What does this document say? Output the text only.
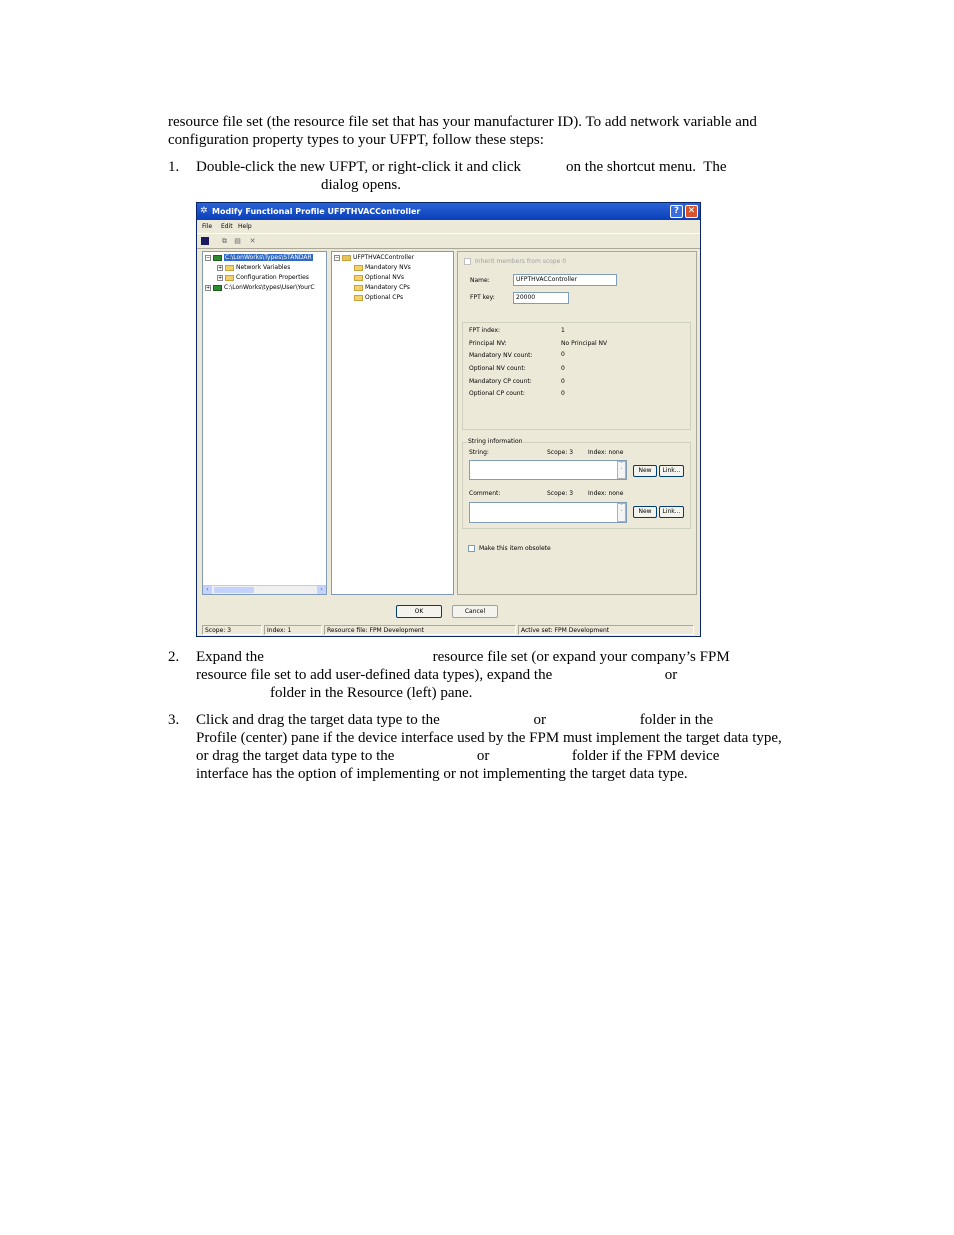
resource file set (the resource file set that has your manufacturer ID). To add network variable and
configuration property types to your UFPT, follow these steps:
1. Double-click the new UFPT, or right-click it and click            on the shortcut menu.  The
dialog opens.
✲ Modify Functional Profile UFPTHVACController	? ✕
File Edit Help
⧉ ▤ ✕
− C:\LonWorks\Types\STANDAR
+ Network Variables
+ Configuration Properties
+ C:\LonWorks\types\User\YourC
‹	›
− UFPTHVACController
Mandatory NVs
Optional NVs
Mandatory CPs
Optional CPs
Inherit members from scope 0
Name:	UFPTHVACController
FPT key:	20000
FPT index:	1
Principal NV:	No Principal NV
Mandatory NV count:	0
Optional NV count:	0
Mandatory CP count:	0
Optional CP count:	0
String information
String:	Scope: 3 Index: none
˄
˅	New	Link...
Comment:	Scope: 3 Index: none
˄
˅	New	Link...
Make this item obsolete
OK	Cancel
Scope: 3	Index: 1	Resource file: FPM Development	Active set: FPM Development
2. Expand the                                             resource file set (or expand your company’s FPM
resource file set to add user-defined data types), expand the                              or
folder in the Resource (left) pane.
3. Click and drag the target data type to the                         or                         folder in the
Profile (center) pane if the device interface used by the FPM must implement the target data type,
or drag the target data type to the                      or                      folder if the FPM device
interface has the option of implementing or not implementing the target data type.
